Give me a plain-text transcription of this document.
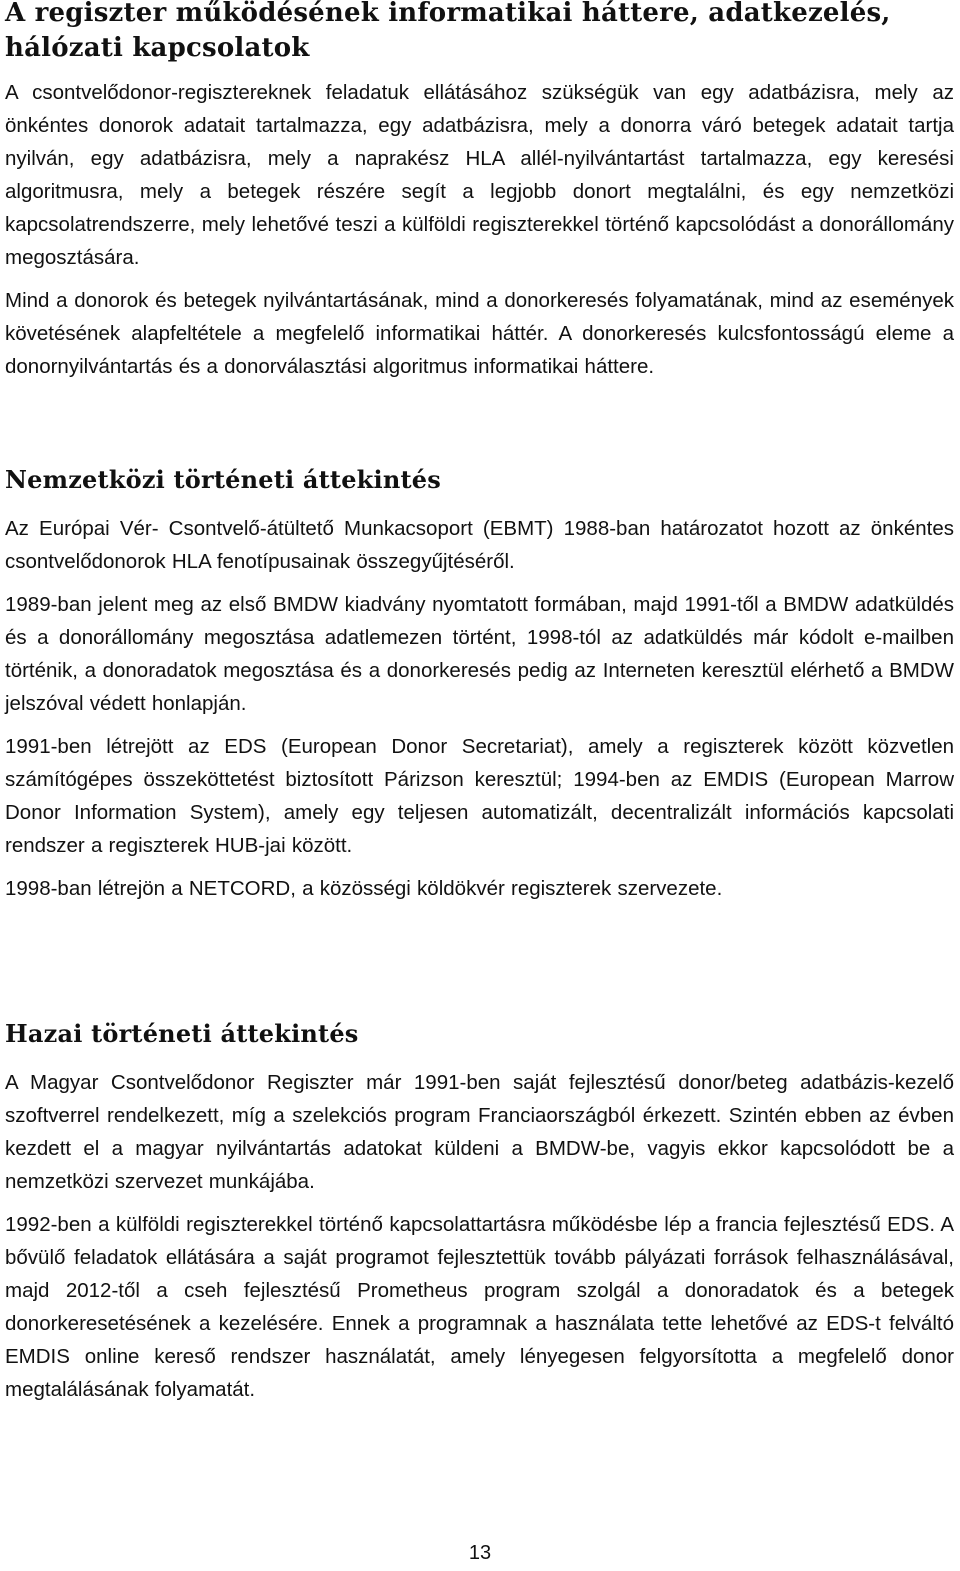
A regiszter működésének informatikai háttere, adatkezelés, hálózati kapcsolatok

A csontvelődonor-regisztereknek feladatuk ellátásához szükségük van egy adatbázisra, mely az önkéntes donorok adatait tartalmazza, egy adatbázisra, mely a donorra váró betegek adatait tartja nyilván, egy adatbázisra, mely a naprakész HLA allél-nyilvántartást tartalmazza, egy keresési algoritmusra, mely a betegek részére segít a legjobb donort megtalálni, és egy nemzetközi kapcsolatrendszerre, mely lehetővé teszi a külföldi regiszterekkel történő kapcsolódást a donorállomány megosztására.

Mind a donorok és betegek nyilvántartásának, mind a donorkeresés folyamatának, mind az események követésének alapfeltétele a megfelelő informatikai háttér. A donorkeresés kulcsfontosságú eleme a donornyilvántartás és a donorválasztási algoritmus informatikai háttere.

Nemzetközi történeti áttekintés

Az Európai Vér- Csontvelő-átültető Munkacsoport (EBMT) 1988-ban határozatot hozott az önkéntes csontvelődonorok HLA fenotípusainak összegyűjtéséről.

1989-ban jelent meg az első BMDW kiadvány nyomtatott formában, majd 1991-től a BMDW adatküldés és a donorállomány megosztása adatlemezen történt, 1998-tól az adatküldés már kódolt e-mailben történik, a donoradatok megosztása és a donorkeresés pedig az Interneten keresztül elérhető a BMDW jelszóval védett honlapján.

1991-ben létrejött az EDS (European Donor Secretariat), amely a regiszterek között közvetlen számítógépes összeköttetést biztosított Párizson keresztül; 1994-ben az EMDIS (European Marrow Donor Information System), amely egy teljesen automatizált, decentralizált információs kapcsolati rendszer a regiszterek HUB-jai között.

1998-ban létrejön a NETCORD, a közösségi köldökvér regiszterek szervezete.

Hazai történeti áttekintés

A Magyar Csontvelődonor Regiszter már 1991-ben saját fejlesztésű donor/beteg adatbázis-kezelő szoftverrel rendelkezett, míg a szelekciós program Franciaországból érkezett. Szintén ebben az évben kezdett el a magyar nyilvántartás adatokat küldeni a BMDW-be, vagyis ekkor kapcsolódott be a nemzetközi szervezet munkájába.

1992-ben a külföldi regiszterekkel történő kapcsolattartásra működésbe lép a francia fejlesztésű EDS. A bővülő feladatok ellátására a saját programot fejlesztettük tovább pályázati források felhasználásával, majd 2012-től a cseh fejlesztésű Prometheus program szolgál a donoradatok és a betegek donorkeresetésének a kezelésére. Ennek a programnak a használata tette lehetővé az EDS-t felváltó EMDIS online kereső rendszer használatát, amely lényegesen felgyorsította a megfelelő donor megtalálásának folyamatát.

13
